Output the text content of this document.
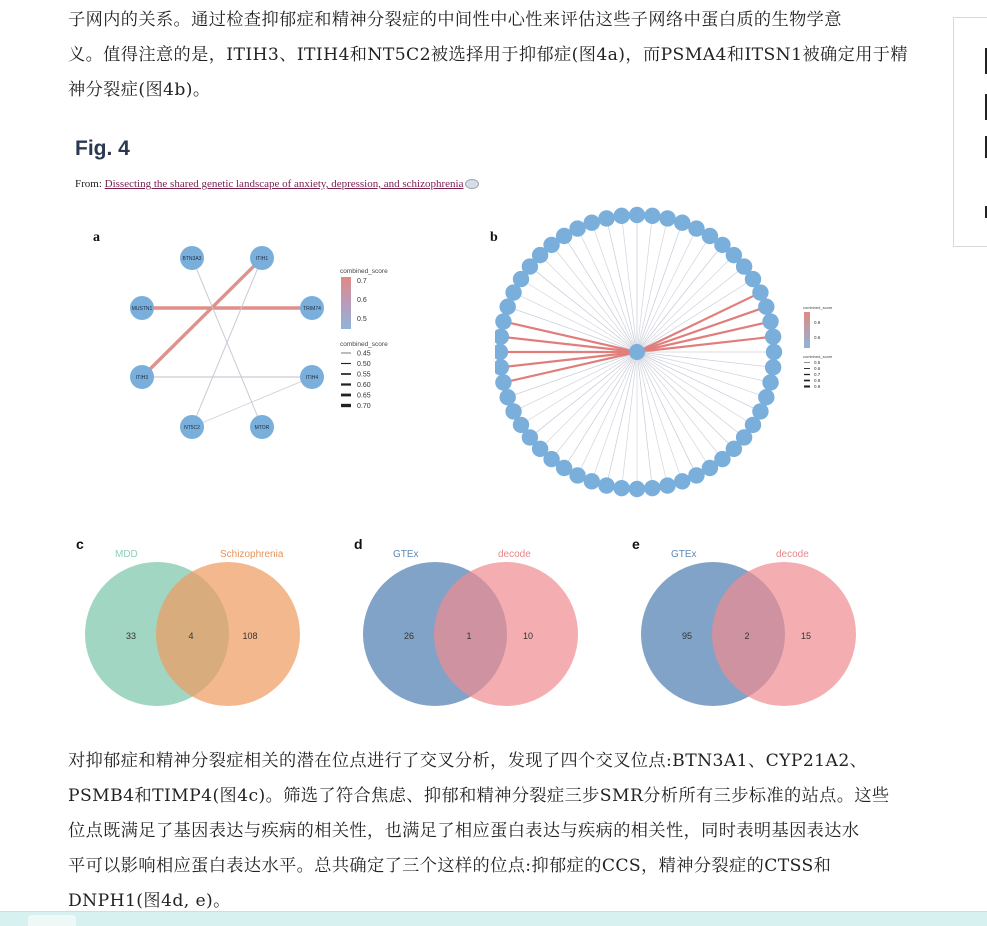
子网内的关系。通过检查抑郁症和精神分裂症的中间性中心性来评估这些子网络中蛋白质的生物学意
义。值得注意的是，ITIH3、ITIH4和NT5C2被选择用于抑郁症(图4a)，而PSMA4和ITSN1被确定用于精
神分裂症(图4b)。

Fig. 4
From: Dissecting the shared genetic landscape of anxiety, depression, and schizophrenia
a	b
BTN3A3	ITIH1
MUSTN1	TRIM74
ITIH3	ITIH4
NT5C2	MTOR
combined_score
0.7
0.6
0.5
combined_score
0.45
0.50
0.55
0.60
0.65
0.70
combined_score
0.9
0.6
combined_score
0.5
0.6
0.7
0.8
0.9
c
MDD	Schizophrenia
33	4	108
d
GTEx	decode
26	1	10
e
GTEx	decode
95	2	15

对抑郁症和精神分裂症相关的潜在位点进行了交叉分析，发现了四个交叉位点:BTN3A1、CYP21A2、
PSMB4和TIMP4(图4c)。筛选了符合焦虑、抑郁和精神分裂症三步SMR分析所有三步标准的站点。这些
位点既满足了基因表达与疾病的相关性，也满足了相应蛋白表达与疾病的相关性，同时表明基因表达水
平可以影响相应蛋白表达水平。总共确定了三个这样的位点:抑郁症的CCS，精神分裂症的CTSS和
DNPH1(图4d, e)。
